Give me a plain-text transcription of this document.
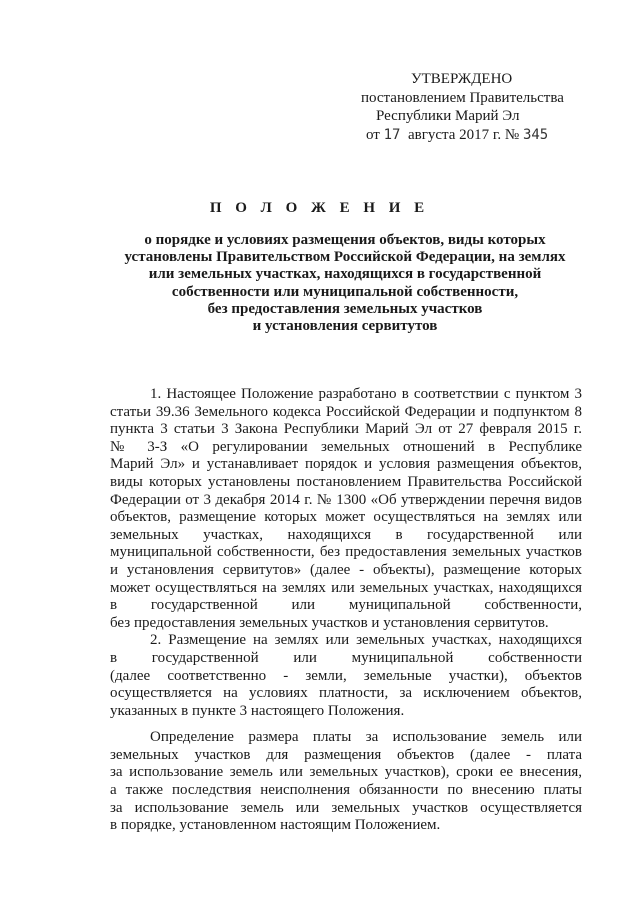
УТВЕРЖДЕНО
постановлением Правительства
Республики Марий Эл
от 17 августа 2017 г. № 345
П О Л О Ж Е Н И Е
о порядке и условиях размещения объектов, виды которых
установлены Правительством Российской Федерации, на землях
или земельных участках, находящихся в государственной
собственности или муниципальной собственности,
без предоставления земельных участков
и установления сервитутов

1. Настоящее Положение разработано в соответствии с пунктом 3
статьи 39.36 Земельного кодекса Российской Федерации и подпунктом 8
пункта 3 статьи 3 Закона Республики Марий Эл от 27 февраля 2015 г.
№ 3-З «О регулировании земельных отношений в Республике
Марий Эл» и устанавливает порядок и условия размещения объектов,
виды которых установлены постановлением Правительства Российской
Федерации от 3 декабря 2014 г. № 1300 «Об утверждении перечня видов
объектов, размещение которых может осуществляться на землях или
земельных участках, находящихся в государственной или
муниципальной собственности, без предоставления земельных участков
и установления сервитутов» (далее - объекты), размещение которых
может осуществляться на землях или земельных участках, находящихся
в государственной или муниципальной собственности,
без предоставления земельных участков и установления сервитутов.

2. Размещение на землях или земельных участках, находящихся
в государственной или муниципальной собственности
(далее соответственно - земли, земельные участки), объектов
осуществляется на условиях платности, за исключением объектов,
указанных в пункте 3 настоящего Положения.

Определение размера платы за использование земель или
земельных участков для размещения объектов (далее - плата
за использование земель или земельных участков), сроки ее внесения,
а также последствия неисполнения обязанности по внесению платы
за использование земель или земельных участков осуществляется
в порядке, установленном настоящим Положением.
